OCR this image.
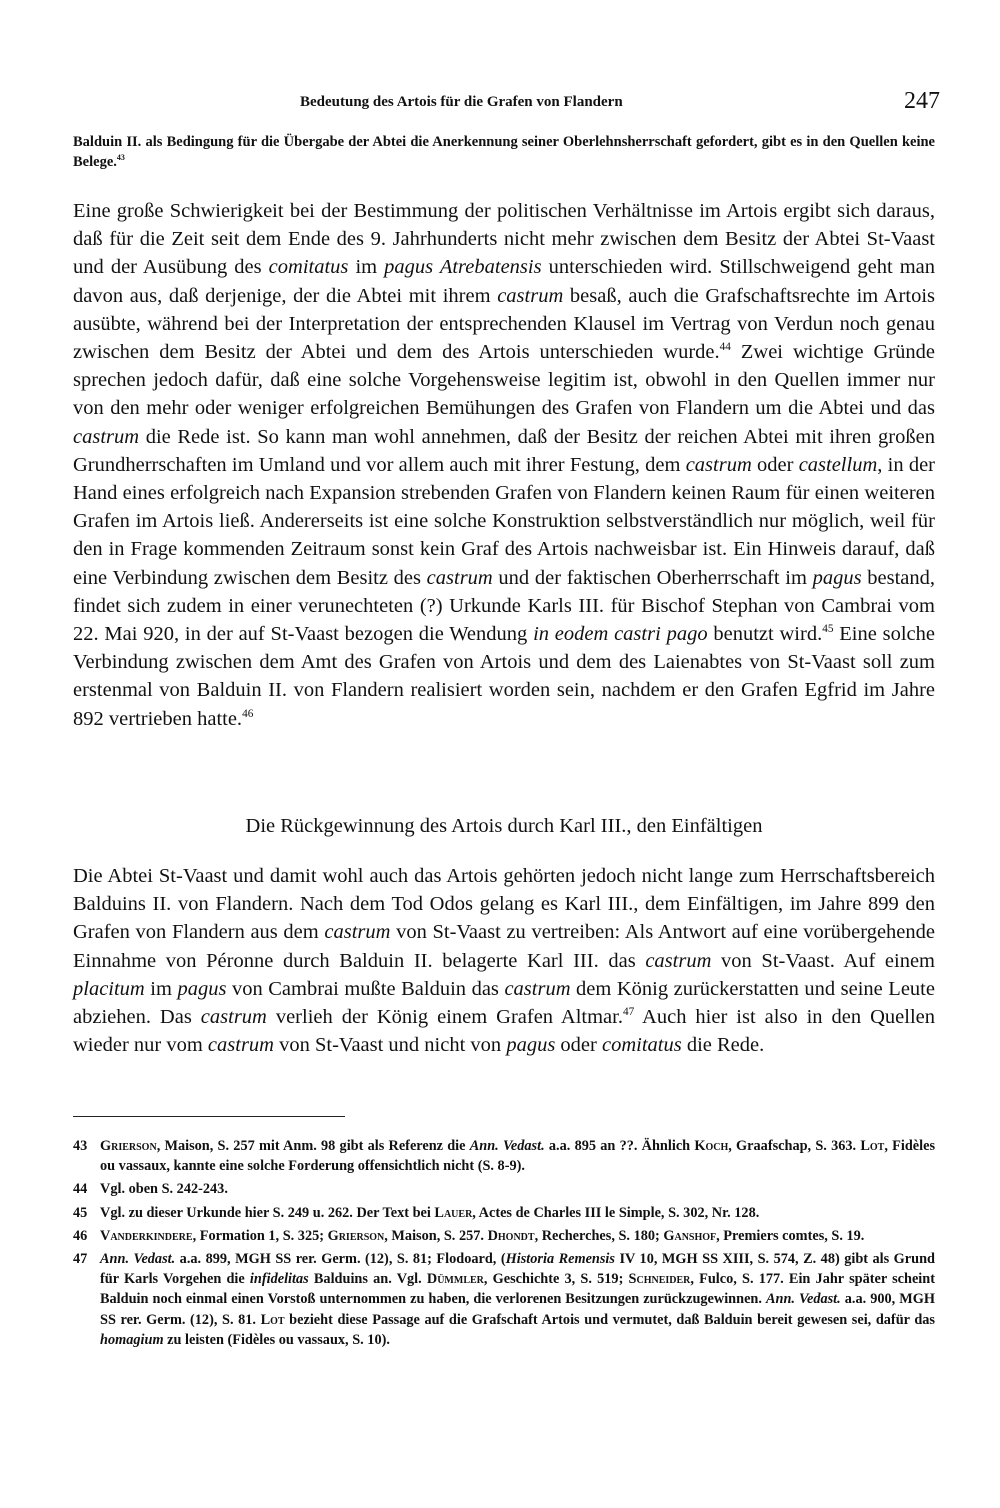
Bedeutung des Artois für die Grafen von Flandern	247
Balduin II. als Bedingung für die Übergabe der Abtei die Anerkennung seiner Oberlehnsherrschaft gefordert, gibt es in den Quellen keine Belege.$^{43}$
Eine große Schwierigkeit bei der Bestimmung der politischen Verhältnisse im Artois ergibt sich daraus, daß für die Zeit seit dem Ende des 9. Jahrhunderts nicht mehr zwischen dem Besitz der Abtei St-Vaast und der Ausübung des comitatus im pagus Atrebatensis unterschieden wird. Stillschweigend geht man davon aus, daß derjenige, der die Abtei mit ihrem castrum besaß, auch die Grafschaftsrechte im Artois ausübte, während bei der Interpretation der entsprechenden Klausel im Vertrag von Verdun noch genau zwischen dem Besitz der Abtei und dem des Artois unterschieden wurde.$^{44}$ Zwei wichtige Gründe sprechen jedoch dafür, daß eine solche Vorgehensweise legitim ist, obwohl in den Quellen immer nur von den mehr oder weniger erfolgreichen Bemühungen des Grafen von Flandern um die Abtei und das castrum die Rede ist. So kann man wohl annehmen, daß der Besitz der reichen Abtei mit ihren großen Grundherrschaften im Umland und vor allem auch mit ihrer Festung, dem castrum oder castellum, in der Hand eines erfolgreich nach Expansion strebenden Grafen von Flandern keinen Raum für einen weiteren Grafen im Artois ließ. Andererseits ist eine solche Konstruktion selbstverständlich nur möglich, weil für den in Frage kommenden Zeitraum sonst kein Graf des Artois nachweisbar ist. Ein Hinweis darauf, daß eine Verbindung zwischen dem Besitz des castrum und der faktischen Oberherrschaft im pagus bestand, findet sich zudem in einer verunechteten (?) Urkunde Karls III. für Bischof Stephan von Cambrai vom 22. Mai 920, in der auf St-Vaast bezogen die Wendung in eodem castri pago benutzt wird.$^{45}$ Eine solche Verbindung zwischen dem Amt des Grafen von Artois und dem des Laienabtes von St-Vaast soll zum erstenmal von Balduin II. von Flandern realisiert worden sein, nachdem er den Grafen Egfrid im Jahre 892 vertrieben hatte.$^{46}$
Die Rückgewinnung des Artois durch Karl III., den Einfältigen
Die Abtei St-Vaast und damit wohl auch das Artois gehörten jedoch nicht lange zum Herrschaftsbereich Balduins II. von Flandern. Nach dem Tod Odos gelang es Karl III., dem Einfältigen, im Jahre 899 den Grafen von Flandern aus dem castrum von St-Vaast zu vertreiben: Als Antwort auf eine vorübergehende Einnahme von Péronne durch Balduin II. belagerte Karl III. das castrum von St-Vaast. Auf einem placitum im pagus von Cambrai mußte Balduin das castrum dem König zurückerstatten und seine Leute abziehen. Das castrum verlieh der König einem Grafen Altmar.$^{47}$ Auch hier ist also in den Quellen wieder nur vom castrum von St-Vaast und nicht von pagus oder comitatus die Rede.
43 Grierson, Maison, S. 257 mit Anm. 98 gibt als Referenz die Ann. Vedast. a.a. 895 an ??. Ähnlich Koch, Graafschap, S. 363. Lot, Fidèles ou vassaux, kannte eine solche Forderung offensichtlich nicht (S. 8-9).
44 Vgl. oben S. 242-243.
45 Vgl. zu dieser Urkunde hier S. 249 u. 262. Der Text bei Lauer, Actes de Charles III le Simple, S. 302, Nr. 128.
46 Vanderkindere, Formation 1, S. 325; Grierson, Maison, S. 257. Dhondt, Recherches, S. 180; Ganshof, Premiers comtes, S. 19.
47 Ann. Vedast. a.a. 899, MGH SS rer. Germ. (12), S. 81; Flodoard, (Historia Remensis IV 10, MGH SS XIII, S. 574, Z. 48) gibt als Grund für Karls Vorgehen die infidelitas Balduins an. Vgl. Dümmler, Geschichte 3, S. 519; Schneider, Fulco, S. 177. Ein Jahr später scheint Balduin noch einmal einen Vorstoß unternommen zu haben, die verlorenen Besitzungen zurückzugewinnen. Ann. Vedast. a.a. 900, MGH SS rer. Germ. (12), S. 81. Lot bezieht diese Passage auf die Grafschaft Artois und vermutet, daß Balduin bereit gewesen sei, dafür das homagium zu leisten (Fidèles ou vassaux, S. 10).
